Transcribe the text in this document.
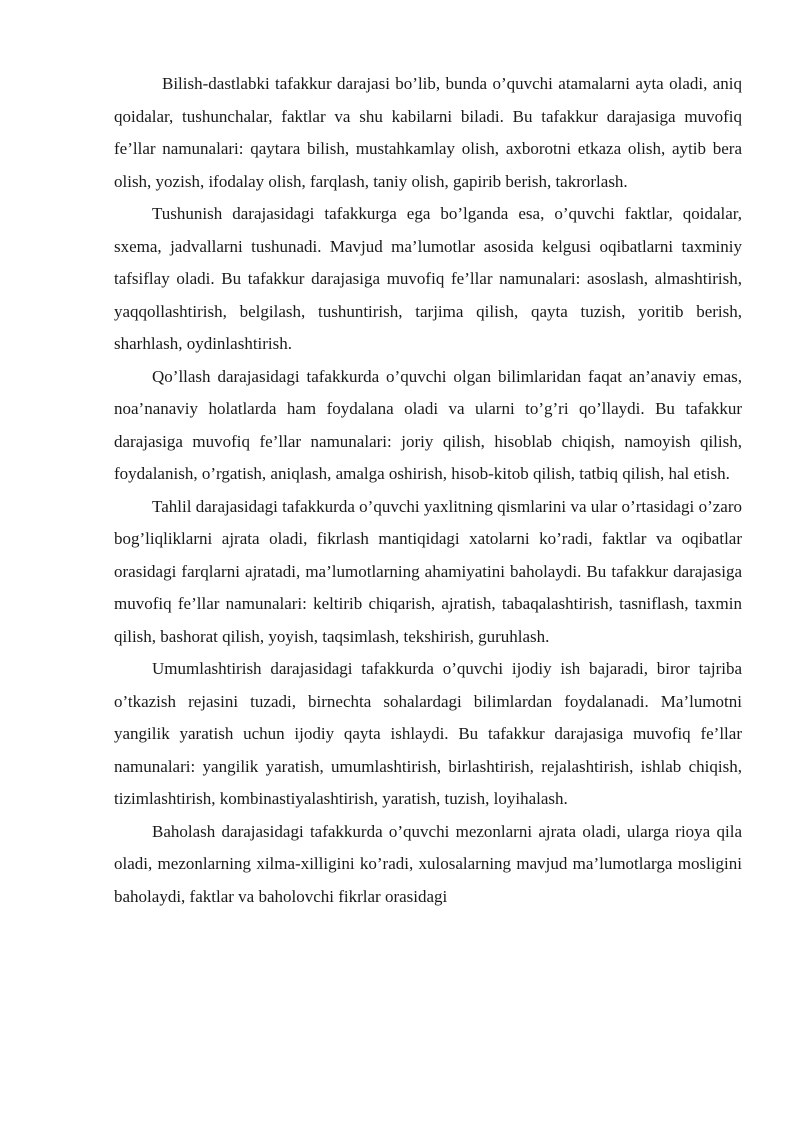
Bilish-dastlabki tafakkur darajasi bo’lib, bunda o’quvchi atamalarni ayta oladi, aniq qoidalar, tushunchalar, faktlar va shu kabilarni biladi. Bu tafakkur darajasiga muvofiq fe’llar namunalari: qaytara bilish, mustahkamlay olish, axborotni etkaza olish, aytib bera olish, yozish, ifodalay olish, farqlash, taniy olish, gapirib berish, takrorlash.

Tushunish darajasidagi tafakkurga ega bo’lganda esa, o’quvchi faktlar, qoidalar, sxema, jadvallarni tushunadi. Mavjud ma’lumotlar asosida kelgusi oqibatlarni taxminiy tafsiflay oladi. Bu tafakkur darajasiga muvofiq fe’llar namunalari: asoslash, almashtirish, yaqqollashtirish, belgilash, tushuntirish, tarjima qilish, qayta tuzish, yoritib berish, sharhlash, oydinlashtirish.

Qo’llash darajasidagi tafakkurda o’quvchi olgan bilimlaridan faqat an’anaviy emas, noa’nanaviy holatlarda ham foydalana oladi va ularni to’g’ri qo’llaydi. Bu tafakkur darajasiga muvofiq fe’llar namunalari: joriy qilish, hisoblab chiqish, namoyish qilish, foydalanish, o’rgatish, aniqlash, amalga oshirish, hisob-kitob qilish, tatbiq qilish, hal etish.

Tahlil darajasidagi tafakkurda o’quvchi yaxlitning qismlarini va ular o’rtasidagi o’zaro bog’liqliklarni ajrata oladi, fikrlash mantiqidagi xatolarni ko’radi, faktlar va oqibatlar orasidagi farqlarni ajratadi, ma’lumotlarning ahamiyatini baholaydi. Bu tafakkur darajasiga muvofiq fe’llar namunalari: keltirib chiqarish, ajratish, tabaqalashtirish, tasniflash, taxmin qilish, bashorat qilish, yoyish, taqsimlash, tekshirish, guruhlash.

Umumlashtirish darajasidagi tafakkurda o’quvchi ijodiy ish bajaradi, biror tajriba o’tkazish rejasini tuzadi, birnechta sohalardagi bilimlardan foydalanadi. Ma’lumotni yangilik yaratish uchun ijodiy qayta ishlaydi. Bu tafakkur darajasiga muvofiq fe’llar namunalari: yangilik yaratish, umumlashtirish, birlashtirish, rejalashtirish, ishlab chiqish, tizimlashtirish, kombinastiyalashtirish, yaratish, tuzish, loyihalash.

Baholash darajasidagi tafakkurda o’quvchi mezonlarni ajrata oladi, ularga rioya qila oladi, mezonlarning xilma-xilligini ko’radi, xulosalarning mavjud ma’lumotlarga mosligini baholaydi, faktlar va baholovchi fikrlar orasidagi
